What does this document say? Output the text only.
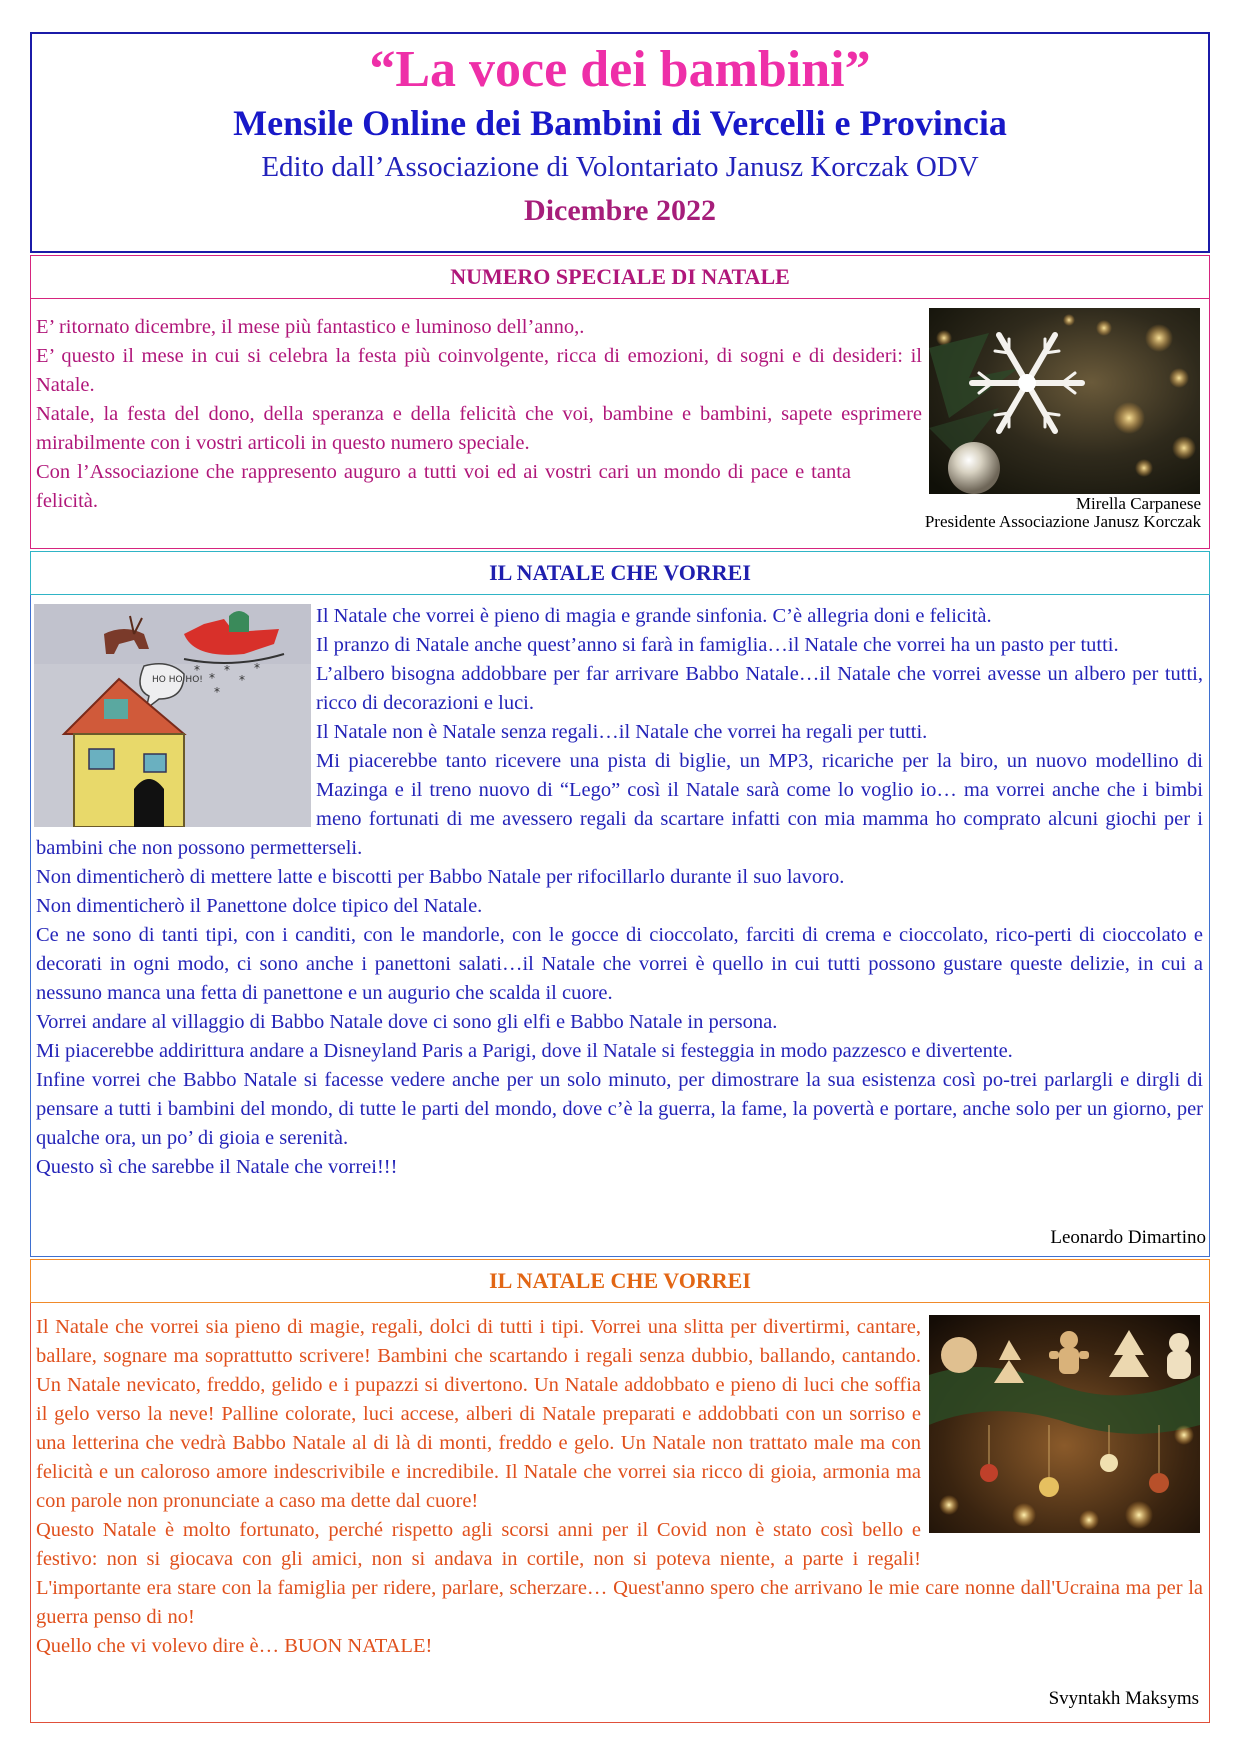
“La voce dei bambini”
Mensile Online dei Bambini di Vercelli e Provincia
Edito dall’Associazione di Volontariato Janusz Korczak ODV
Dicembre 2022
NUMERO SPECIALE DI NATALE

E’ ritornato dicembre, il mese più fantastico e luminoso dell’anno,.

E’ questo il mese in cui si celebra la festa più coinvolgente, ricca di emozioni, di sogni e di desideri: il Natale.

Natale, la festa del dono, della speranza e della felicità che voi, bambine e bambini, sapete esprimere mirabilmente con i vostri articoli in questo numero speciale.

Con l’Associazione che rappresento auguro a tutti voi ed ai vostri cari un mondo di pace e tanta felicità.	Mirella Carpanese
Presidente Associazione Janusz Korczak
IL NATALE CHE VORREI
*
*
*
*
*
*
HO HO HO!

Il Natale che vorrei è pieno di magia e grande sinfonia. C’è allegria doni e felicità.

Il pranzo di Natale anche quest’anno si farà in famiglia…il Natale che vorrei ha un pasto per tutti.

L’albero bisogna addobbare per far arrivare Babbo Natale…il Natale che vorrei avesse un albero per tutti, ricco di decorazioni e luci.

Il Natale non è Natale senza regali…il Natale che vorrei ha regali per tutti.

Mi piacerebbe tanto ricevere una pista di biglie, un MP3, ricariche per la biro, un nuovo modellino di Mazinga e il treno nuovo di “Lego” così il Natale sarà come lo voglio io… ma vorrei anche che i bimbi meno fortunati di me avessero regali da scartare infatti con mia mamma ho comprato alcuni giochi per i bambini che non possono permetterseli.

Non dimenticherò di mettere latte e biscotti per Babbo Natale per rifocillarlo durante il suo lavoro.

Non dimenticherò il Panettone dolce tipico del Natale.

Ce ne sono di tanti tipi, con i canditi, con le mandorle, con le gocce di cioccolato, farciti di crema e cioccolato, rico-perti di cioccolato e decorati in ogni modo, ci sono anche i panettoni salati…il Natale che vorrei è quello in cui tutti possono gustare queste delizie, in cui a nessuno manca una fetta di panettone e un augurio che scalda il cuore.

Vorrei andare al villaggio di Babbo Natale dove ci sono gli elfi e Babbo Natale in persona.

Mi piacerebbe addirittura andare a Disneyland Paris a Parigi, dove il Natale si festeggia in modo pazzesco e divertente.

Infine vorrei che Babbo Natale si facesse vedere anche per un solo minuto, per dimostrare la sua esistenza così po-trei parlargli e dirgli di pensare a tutti i bambini del mondo, di tutte le parti del mondo, dove c’è la guerra, la fame, la povertà e portare, anche solo per un giorno, per qualche ora, un po’ di gioia e serenità.

Questo sì che sarebbe il Natale che vorrei!!!

Leonardo Dimartino
IL NATALE CHE VORREI

Il Natale che vorrei sia pieno di magie, regali, dolci di tutti i tipi. Vorrei una slitta per divertirmi, cantare, ballare, sognare ma soprattutto scrivere! Bambini che scartando i regali senza dubbio, ballando, cantando. Un Natale nevicato, freddo, gelido e i pupazzi si divertono. Un Natale addobbato e pieno di luci che soffia il gelo verso la neve! Palline colorate, luci accese, alberi di Natale preparati e addobbati con un sorriso e una letterina che vedrà Babbo Natale al di là di monti, freddo e gelo. Un Natale non trattato male ma con felicità e un caloroso amore indescrivibile e incredibile. Il Natale che vorrei sia ricco di gioia, armonia ma con parole non pronunciate a caso ma dette dal cuore!

Questo Natale è molto fortunato, perché rispetto agli scorsi anni per il Covid non è stato così bello e festivo: non si giocava con gli amici, non si andava in cortile, non si poteva niente, a parte i regali! L'importante era stare con la famiglia per ridere, parlare, scherzare… Quest'anno spero che arrivano le mie care nonne dall'Ucraina ma per la guerra penso di no!

Quello che vi volevo dire è… BUON NATALE!

Svyntakh Maksyms
